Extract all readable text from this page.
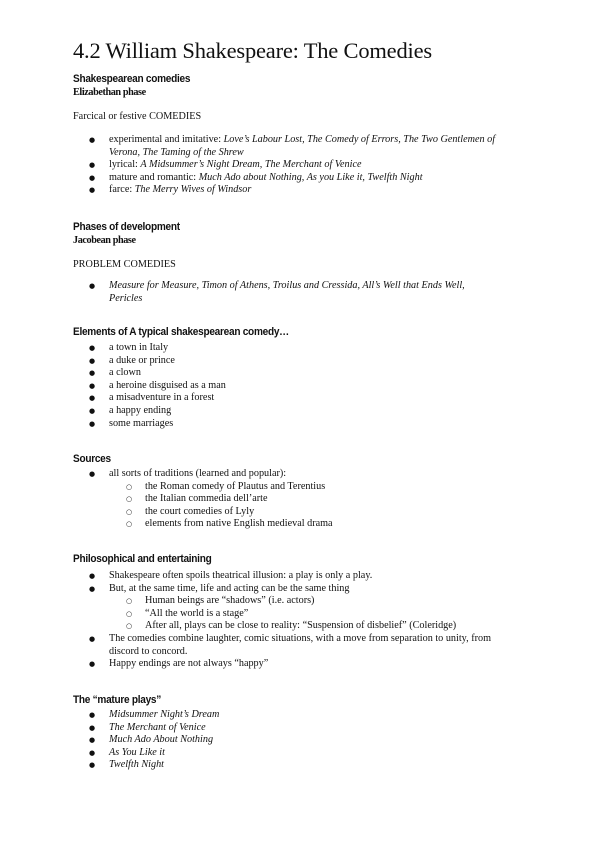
4.2 William Shakespeare: The Comedies
Shakespearean comedies
Elizabethan phase
Farcical or festive COMEDIES
● experimental and imitative: Love’s Labour Lost, The Comedy of Errors, The Two Gentlemen of Verona, The Taming of the Shrew
● lyrical: A Midsummer’s Night Dream, The Merchant of Venice
● mature and romantic: Much Ado about Nothing, As you Like it, Twelfth Night
● farce: The Merry Wives of Windsor
Phases of development
Jacobean phase
PROBLEM COMEDIES
● Measure for Measure, Timon of Athens, Troilus and Cressida, All’s Well that Ends Well, Pericles
Elements of A typical shakespearean comedy…
● a town in Italy
● a duke or prince
● a clown
● a heroine disguised as a man
● a misadventure in a forest
● a happy ending
● some marriages
Sources
● all sorts of traditions (learned and popular):
○ the Roman comedy of Plautus and Terentius
○ the Italian commedia dell’arte
○ the court comedies of Lyly
○ elements from native English medieval drama
Philosophical and entertaining
● Shakespeare often spoils theatrical illusion: a play is only a play.
● But, at the same time, life and acting can be the same thing
○ Human beings are “shadows” (i.e. actors)
○ “All the world is a stage”
○ After all, plays can be close to reality: “Suspension of disbelief” (Coleridge)
● The comedies combine laughter, comic situations, with a move from separation to unity, from discord to concord.
● Happy endings are not always “happy”
The “mature plays”
● Midsummer Night’s Dream
● The Merchant of Venice
● Much Ado About Nothing
● As You Like it
● Twelfth Night
